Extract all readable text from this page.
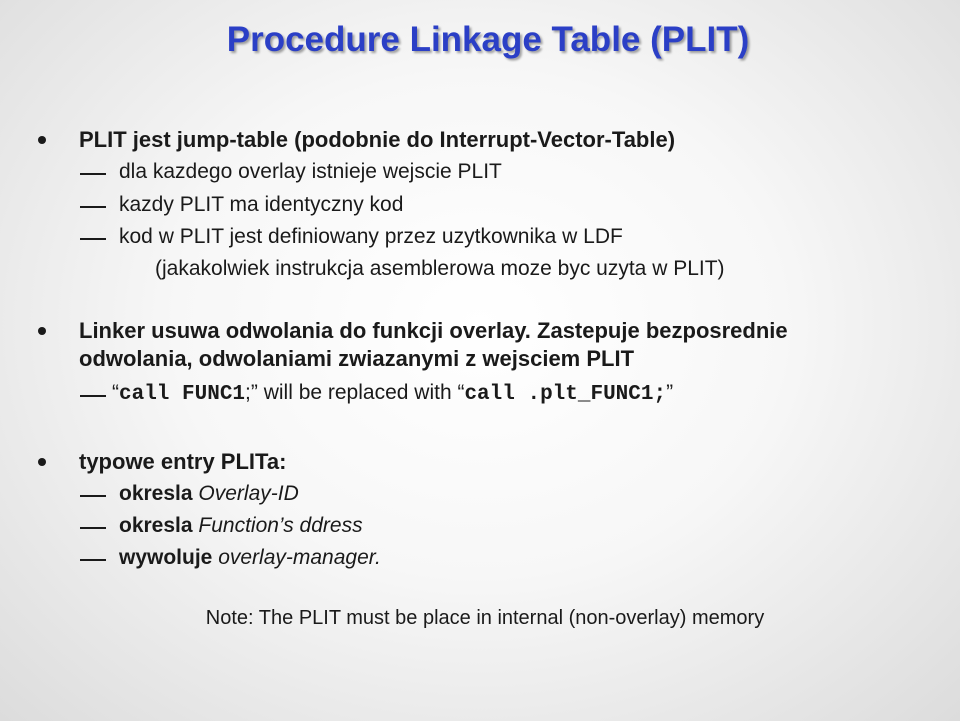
Procedure Linkage Table (PLIT)
PLIT jest jump-table (podobnie do Interrupt-Vector-Table)
dla kazdego overlay istnieje wejscie PLIT
kazdy PLIT ma identyczny kod
kod w PLIT jest definiowany przez uzytkownika w LDF
(jakakolwiek instrukcja asemblerowa moze byc uzyta w PLIT)
Linker usuwa odwolania do funkcji overlay. Zastepuje bezposrednie
odwolania, odwolaniami zwiazanymi z wejsciem PLIT
“call FUNC1;” will be replaced with “call .plt_FUNC1;”
typowe entry PLITa:
okresla Overlay-ID
okresla Function’s ddress
wywoluje overlay-manager.
Note: The PLIT must be place in internal (non-overlay) memory
